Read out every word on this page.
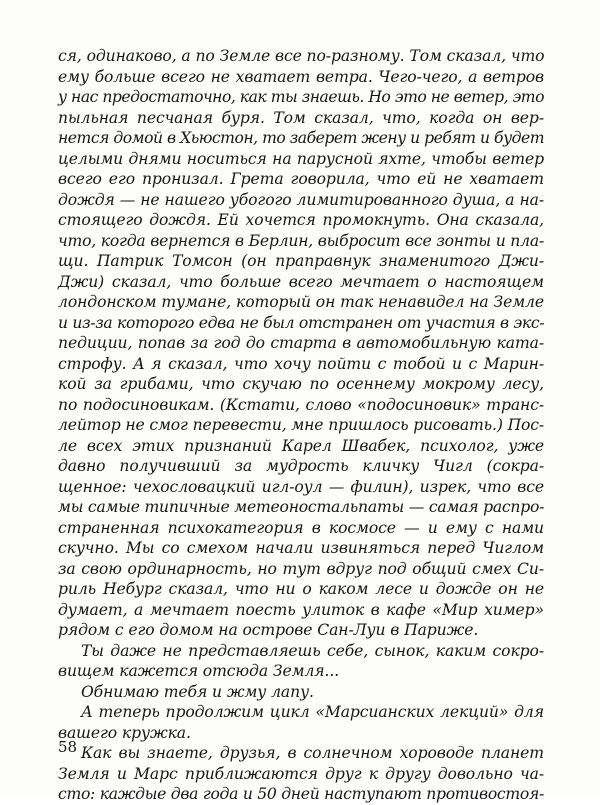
ся, одинаково, а по Земле все по-разному. Том сказал, что
ему больше всего не хватает ветра. Чего-чего, а ветров
у нас предостаточно, как ты знаешь. Но это не ветер, это
пыльная песчаная буря. Том сказал, что, когда он вер-
нется домой в Хьюстон, то заберет жену и ребят и будет
целыми днями носиться на парусной яхте, чтобы ветер
всего его пронизал. Грета говорила, что ей не хватает
дождя — не нашего убогого лимитированного душа, а на-
стоящего дождя. Ей хочется промокнуть. Она сказала,
что, когда вернется в Берлин, выбросит все зонты и пла-
щи. Патрик Томсон (он праправнук знаменитого Джи-
Джи) сказал, что больше всего мечтает о настоящем
лондонском тумане, который он так ненавидел на Земле
и из-за которого едва не был отстранен от участия в экс-
педиции, попав за год до старта в автомобильную ката-
строфу. А я сказал, что хочу пойти с тобой и с Марин-
кой за грибами, что скучаю по осеннему мокрому лесу,
по подосиновикам. (Кстати, слово «подосиновик» транс-
лейтор не смог перевести, мне пришлось рисовать.) Пос-
ле всех этих признаний Карел Швабек, психолог, уже
давно получивший за мудрость кличку Чигл (сокра-
щенное: чехословацкий игл-оул — филин), изрек, что все
мы самые типичные метеоностальпаты — самая распро-
страненная психокатегория в космосе — и ему с нами
скучно. Мы со смехом начали извиняться перед Чиглом
за свою ординарность, но тут вдруг под общий смех Си-
риль Небург сказал, что ни о каком лесе и дожде он не
думает, а мечтает поесть улиток в кафе «Мир химер»
рядом с его домом на острове Сан-Луи в Париже.
Ты даже не представляешь себе, сынок, каким сокро-
вищем кажется отсюда Земля...
Обнимаю тебя и жму лапу.
А теперь продолжим цикл «Марсианских лекций» для
вашего кружка.
Как вы знаете, друзья, в солнечном хороводе планет
Земля и Марс приближаются друг к другу довольно ча-
сто: каждые два года и 50 дней наступают противостоя-
58
